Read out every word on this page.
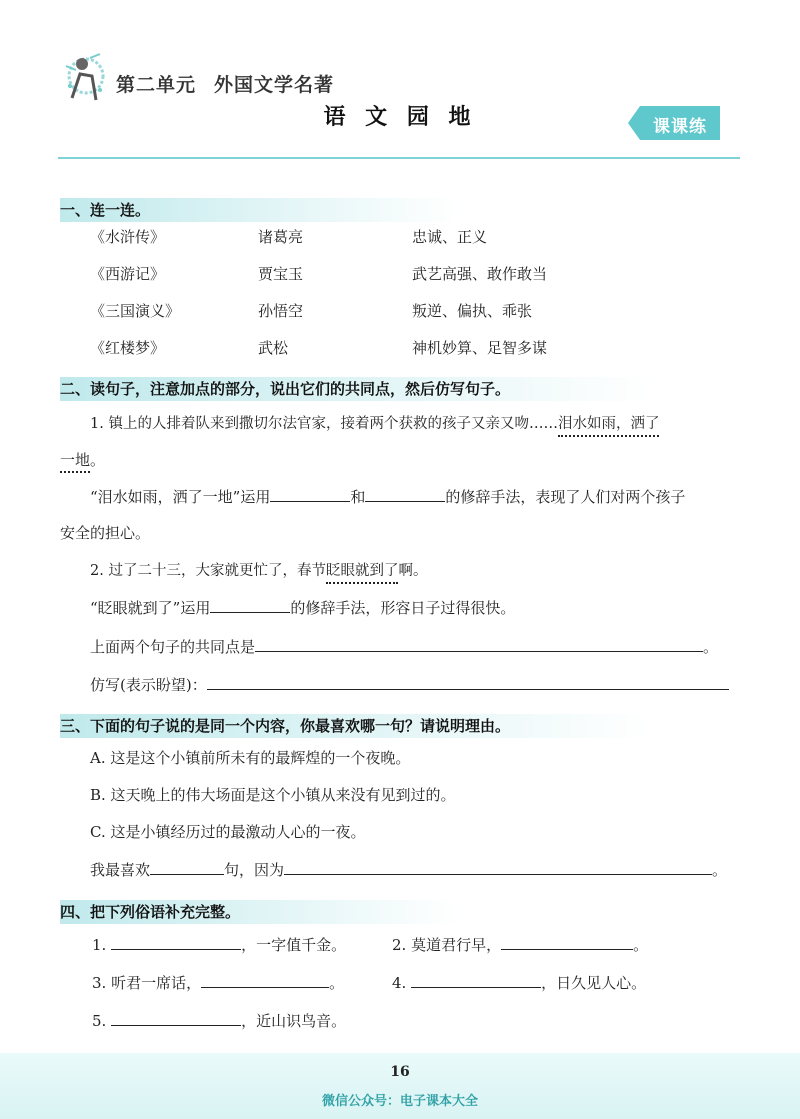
第二单元 外国文学名著
语 文 园 地	课课练
一、连一连。
《水浒传》	诸葛亮	忠诚、正义
《西游记》	贾宝玉	武艺高强、敢作敢当
《三国演义》	孙悟空	叛逆、偏执、乖张
《红楼梦》	武松	神机妙算、足智多谋
二、读句子，注意加点的部分，说出它们的共同点，然后仿写句子。
1. 镇上的人排着队来到撒切尔法官家，接着两个获救的孩子又亲又吻……泪水如雨，洒了
一地。
“泪水如雨，洒了一地”运用	和	的修辞手法，表现了人们对两个孩子
安全的担心。
2. 过了二十三，大家就更忙了，春节眨眼就到了啊。
“眨眼就到了”运用	的修辞手法，形容日子过得很快。
上面两个句子的共同点是	。
仿写(表示盼望)：
三、下面的句子说的是同一个内容，你最喜欢哪一句？请说明理由。
A. 这是这个小镇前所未有的最辉煌的一个夜晚。
B. 这天晚上的伟大场面是这个小镇从来没有见到过的。
C. 这是小镇经历过的最激动人心的一夜。
我最喜欢	句，因为	。
四、把下列俗语补充完整。
1.	，一字值千金。	2. 莫道君行早，	。
3. 听君一席话，	。	4.	，日久见人心。
5.	，近山识鸟音。
16
微信公众号：电子课本大全
